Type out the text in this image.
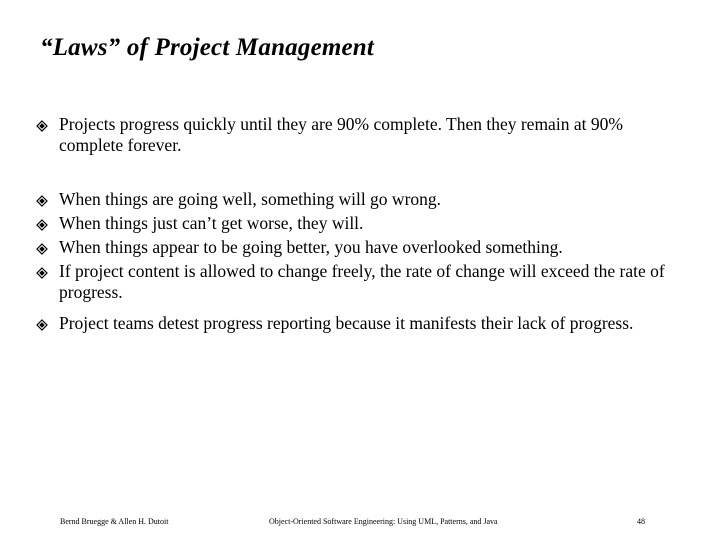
“Laws” of Project Management
Projects progress quickly until they are 90% complete. Then they remain at 90% complete forever.
When things are going well, something will go wrong.
When things just can’t get worse, they will.
When things appear to be going better, you have overlooked something.
If project content is allowed to change freely, the rate of change will exceed the rate of progress.
Project teams detest progress reporting because it manifests their lack of progress.
Bernd Bruegge & Allen H. Dutoit	Object-Oriented Software Engineering: Using UML, Patterns, and Java	48
